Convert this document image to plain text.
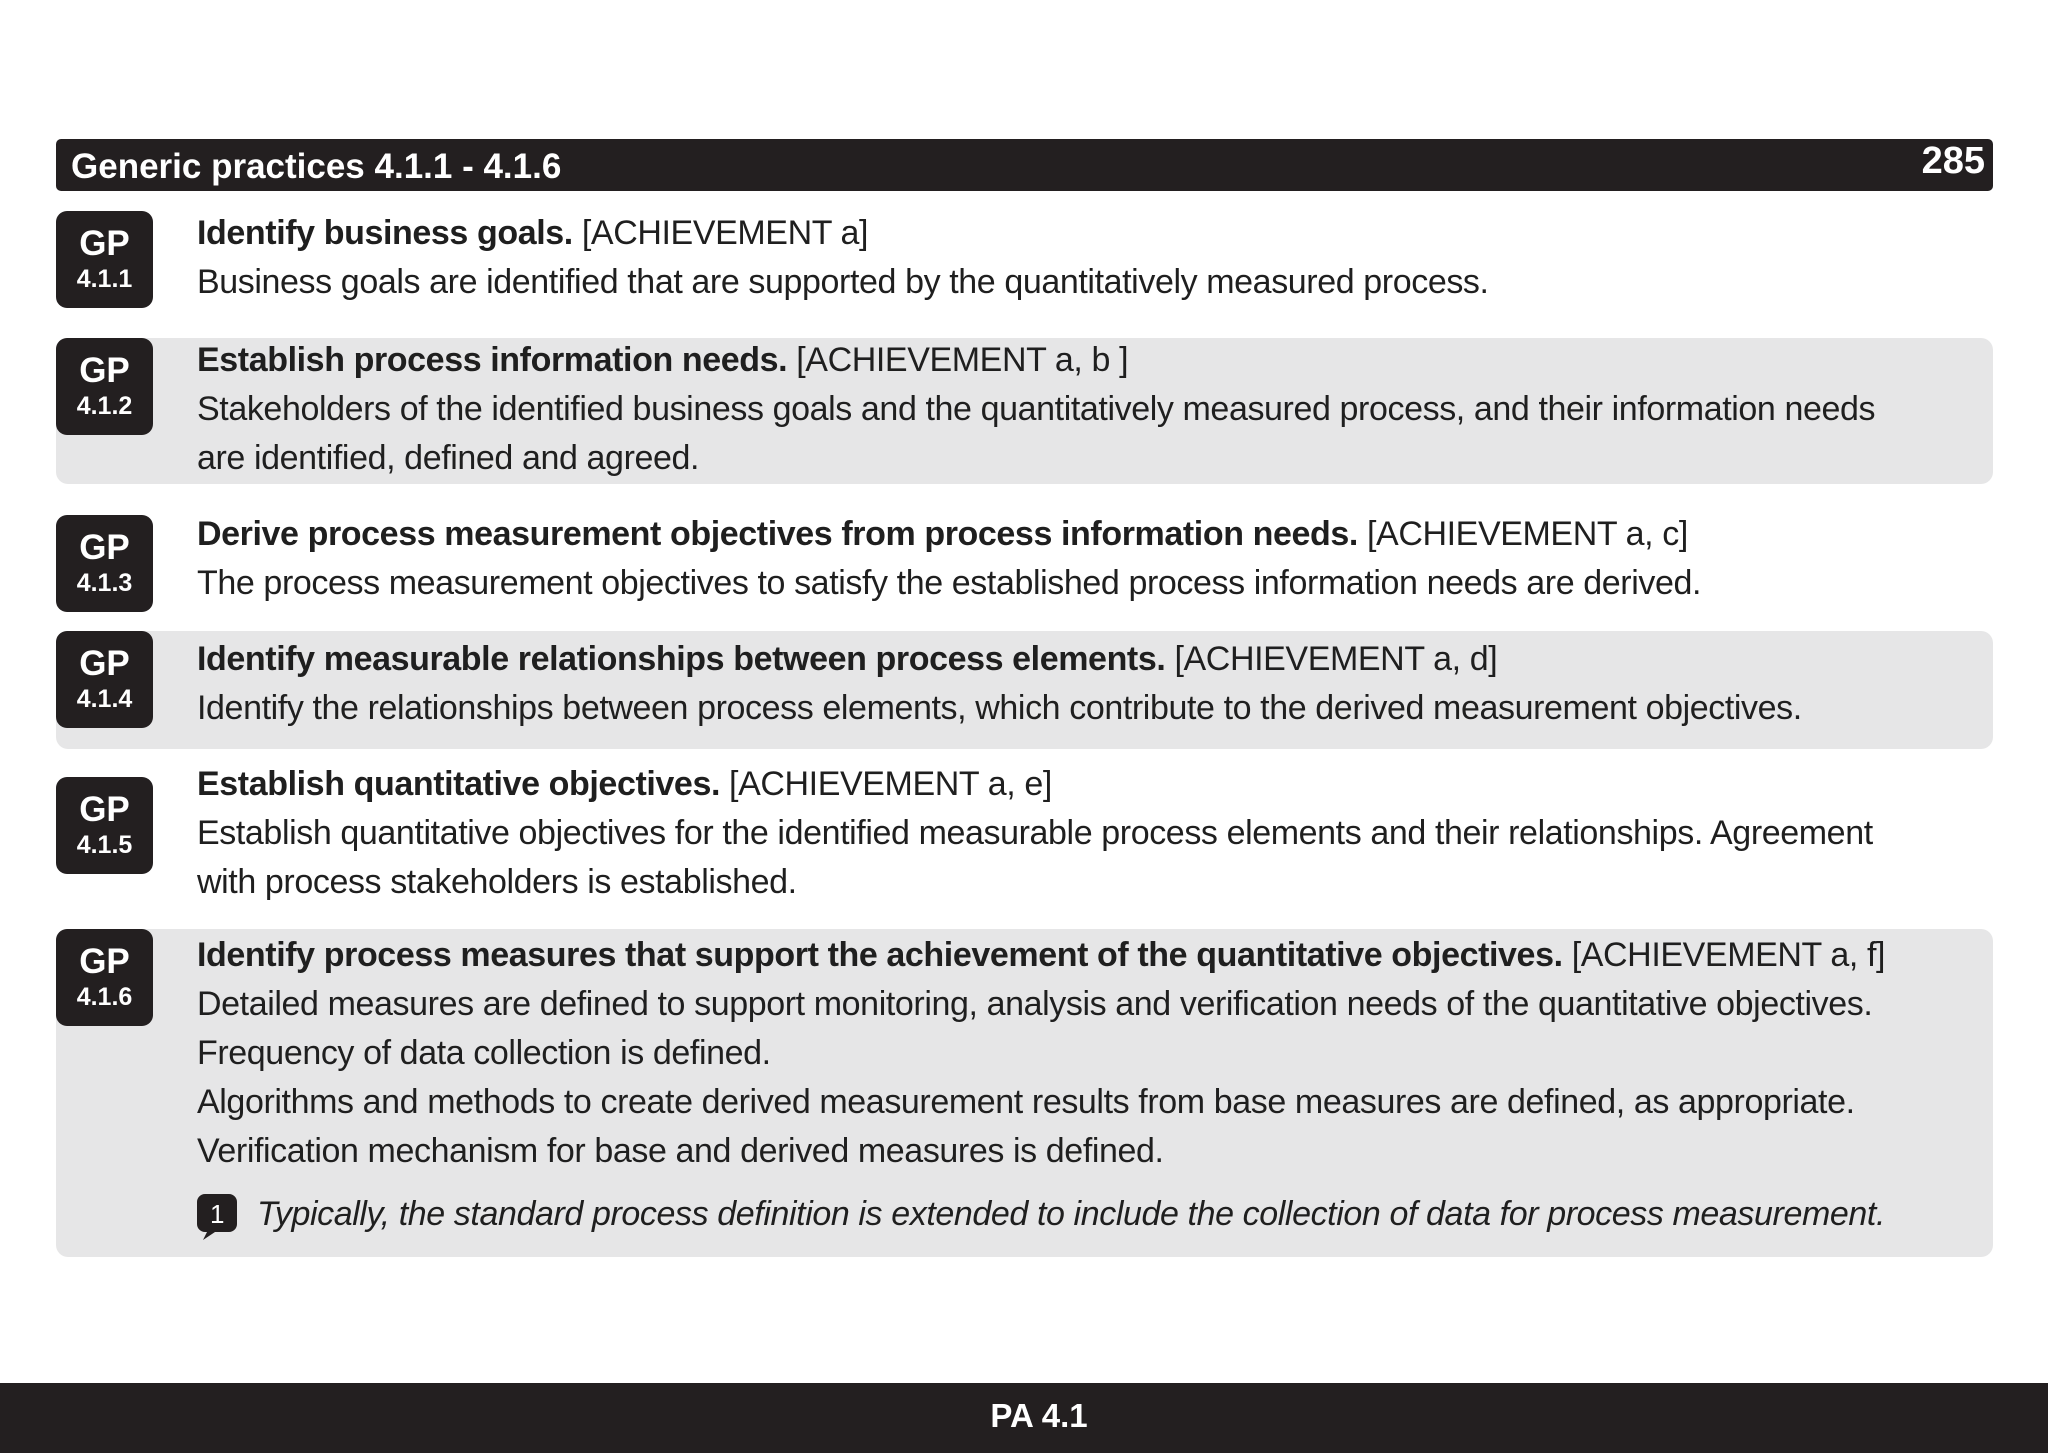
Generic practices 4.1.1 - 4.1.6	285
GP
4.1.1

Identify business goals. [ACHIEVEMENT a]

Business goals are identified that are supported by the quantitatively measured process.

GP
4.1.2

Establish process information needs. [ACHIEVEMENT a, b ]

Stakeholders of the identified business goals and the quantitatively measured process, and their information needs

are identified, defined and agreed.

GP
4.1.3

Derive process measurement objectives from process information needs. [ACHIEVEMENT a, c]

The process measurement objectives to satisfy the established process information needs are derived.

GP
4.1.4

Identify measurable relationships between process elements. [ACHIEVEMENT a, d]

Identify the relationships between process elements, which contribute to the derived measurement objectives.

GP
4.1.5

Establish quantitative objectives. [ACHIEVEMENT a, e]

Establish quantitative objectives for the identified measurable process elements and their relationships. Agreement

with process stakeholders is established.

GP
4.1.6

Identify process measures that support the achievement of the quantitative objectives. [ACHIEVEMENT a, f]

Detailed measures are defined to support monitoring, analysis and verification needs of the quantitative objectives.

Frequency of data collection is defined.

Algorithms and methods to create derived measurement results from base measures are defined, as appropriate.

Verification mechanism for base and derived measures is defined.

1 Typically, the standard process definition is extended to include the collection of data for process measurement.

PA 4.1
